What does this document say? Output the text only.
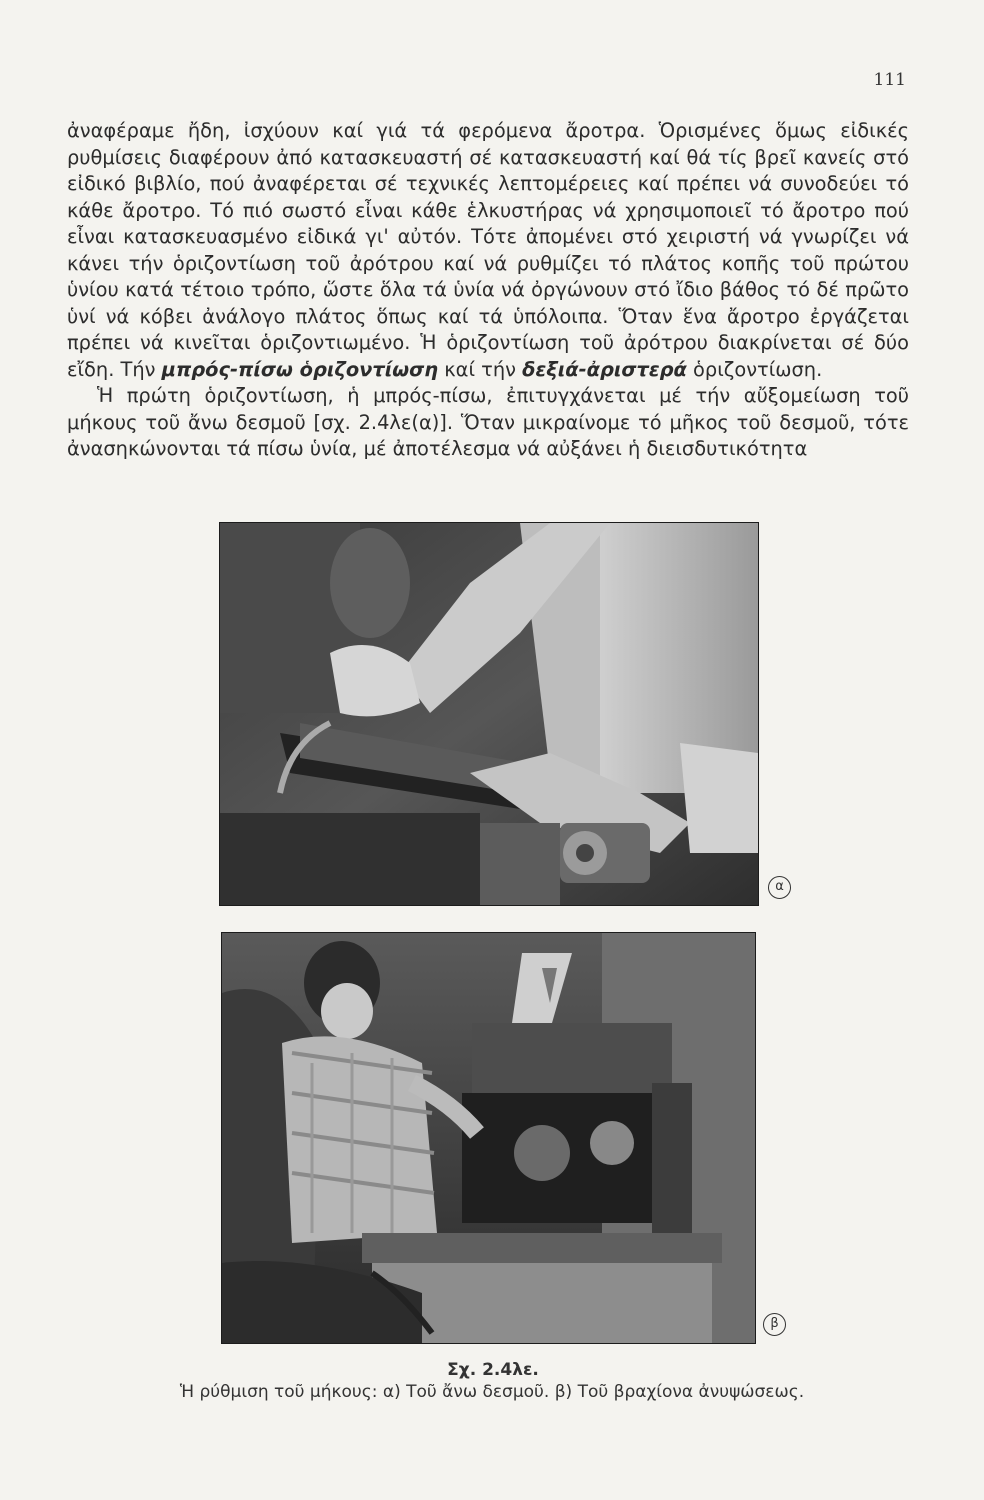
111

ἀναφέραμε ἤδη, ἰσχύουν καί γιά τά φερόμενα ἄροτρα. Ὁρισμένες ὅμως εἰδικές ρυθμίσεις διαφέρουν ἀπό κατασκευαστή σέ κατασκευαστή καί θά τίς βρεῖ κανείς στό εἰδικό βιβλίο, πού ἀναφέρεται σέ τεχνικές λεπτομέρειες καί πρέπει νά συνοδεύει τό κάθε ἄροτρο. Τό πιό σωστό εἶναι κάθε ἑλκυστήρας νά χρησιμοποιεῖ τό ἄροτρο πού εἶναι κατασκευασμένο εἰδικά γι' αὐτόν. Τότε ἀπομένει στό χειριστή νά γνωρίζει νά κάνει τήν ὁριζοντίωση τοῦ ἀρότρου καί νά ρυθμίζει τό πλάτος κοπῆς τοῦ πρώτου ὑνίου κατά τέτοιο τρόπο, ὥστε ὅλα τά ὑνία νά ὀργώνουν στό ἴδιο βάθος τό δέ πρῶτο ὑνί νά κόβει ἀνάλογο πλάτος ὅπως καί τά ὑπόλοιπα. Ὅταν ἕνα ἄροτρο ἐργάζεται πρέπει νά κινεῖται ὁριζοντιωμένο. Ἡ ὁριζοντίωση τοῦ ἀρότρου διακρίνεται σέ δύο εἴδη. Τήν μπρός-πίσω ὁριζοντίωση καί τήν δεξιά-ἀριστερά ὁριζοντίωση.

Ἡ πρώτη ὁριζοντίωση, ἡ μπρός-πίσω, ἐπιτυγχάνεται μέ τήν αὔξομείωση τοῦ μήκους τοῦ ἄνω δεσμοῦ [σχ. 2.4λε(α)]. Ὅταν μικραίνομε τό μῆκος τοῦ δεσμοῦ, τότε ἀνασηκώνονται τά πίσω ὑνία, μέ ἀποτέλεσμα νά αὐξάνει ἡ διεισδυτικότητα

α
β
Σχ. 2.4λε.
Ἡ ρύθμιση τοῦ μήκους: α) Τοῦ ἄνω δεσμοῦ. β) Τοῦ βραχίονα ἀνυψώσεως.
